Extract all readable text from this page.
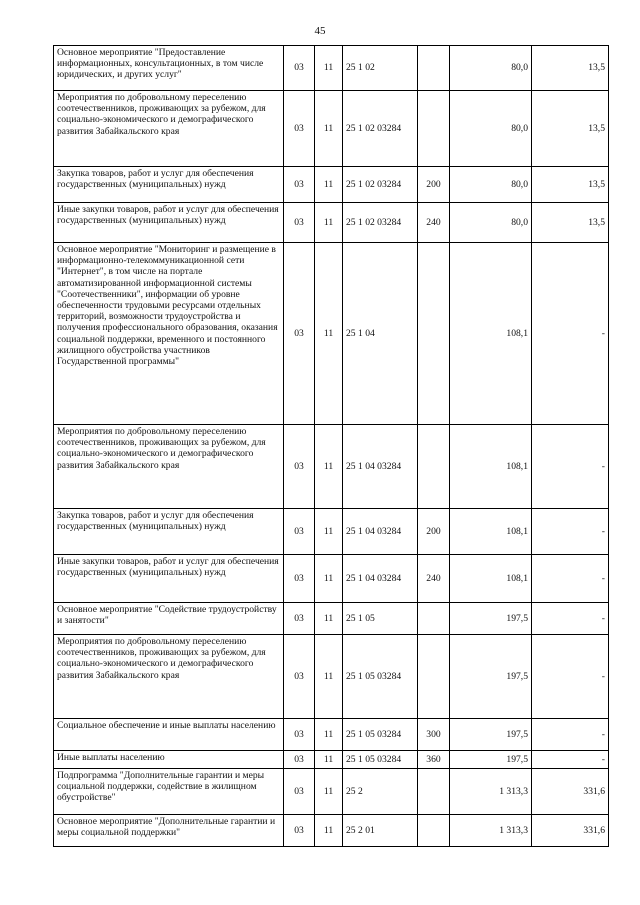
45
Основное мероприятие "Предоставление информационных, консультационных, в том числе юридических, и других услуг"	03	11	25 1 02		80,0	13,5
Мероприятия по добровольному переселению соотечественников, проживающих за рубежом, для социально-экономического и демографического развития Забайкальского края	03	11	25 1 02 03284		80,0	13,5
Закупка товаров, работ и услуг для обеспечения государственных (муниципальных) нужд	03	11	25 1 02 03284	200	80,0	13,5
Иные закупки товаров, работ и услуг для обеспечения государственных (муниципальных) нужд	03	11	25 1 02 03284	240	80,0	13,5
Основное мероприятие "Мониторинг и размещение в информационно-телекоммуникационной сети "Интернет", в том числе на портале автоматизированной информационной системы "Соотечественники", информации об уровне обеспеченности трудовыми ресурсами отдельных территорий, возможности трудоустройства и получения профессионального образования, оказания социальной поддержки, временного и постоянного жилищного обустройства участников Государственной программы"	03	11	25 1 04		108,1	-
Мероприятия по добровольному переселению соотечественников, проживающих за рубежом, для социально-экономического и демографического развития Забайкальского края	03	11	25 1 04 03284		108,1	-
Закупка товаров, работ и услуг для обеспечения государственных (муниципальных) нужд	03	11	25 1 04 03284	200	108,1	-
Иные закупки товаров, работ и услуг для обеспечения государственных (муниципальных) нужд	03	11	25 1 04 03284	240	108,1	-
Основное мероприятие "Содействие трудоустройству и занятости"	03	11	25 1 05		197,5	-
Мероприятия по добровольному переселению соотечественников, проживающих за рубежом, для социально-экономического и демографического развития Забайкальского края	03	11	25 1 05 03284		197,5	-
Социальное обеспечение и иные выплаты населению	03	11	25 1 05 03284	300	197,5	-
Иные выплаты населению	03	11	25 1 05 03284	360	197,5	-
Подпрограмма "Дополнительные гарантии и меры социальной поддержки, содействие в жилищном обустройстве"	03	11	25 2		1 313,3	331,6
Основное мероприятие "Дополнительные гарантии и меры социальной поддержки"	03	11	25 2 01		1 313,3	331,6
